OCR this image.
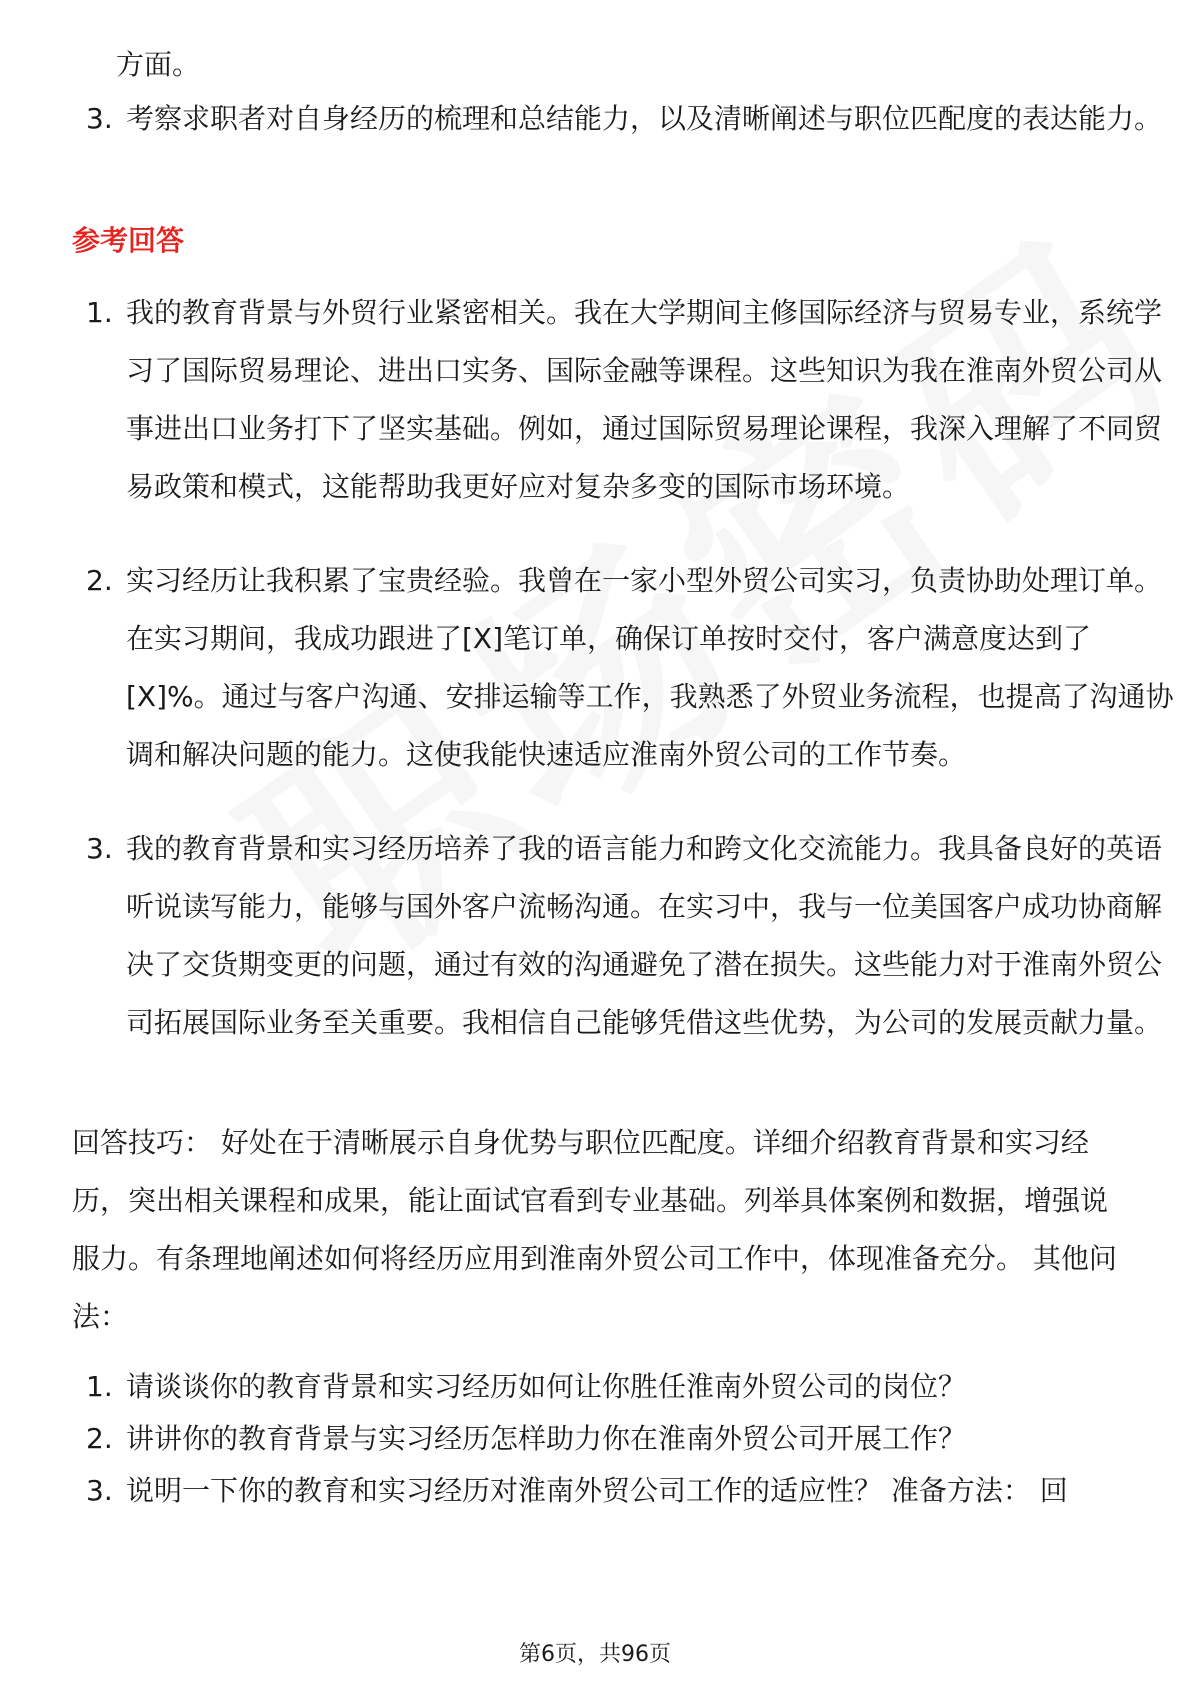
方面。

3. 考察求职者对自身经历的梳理和总结能力，以及清晰阐述与职位匹配度的表达能力。
参考回答
1. 我的教育背景与外贸行业紧密相关。我在大学期间主修国际经济与贸易专业，系统学习了国际贸易理论、进出口实务、国际金融等课程。这些知识为我在淮南外贸公司从事进出口业务打下了坚实基础。例如，通过国际贸易理论课程，我深入理解了不同贸易政策和模式，这能帮助我更好应对复杂多变的国际市场环境。
2. 实习经历让我积累了宝贵经验。我曾在一家小型外贸公司实习，负责协助处理订单。在实习期间，我成功跟进了[X]笔订单，确保订单按时交付，客户满意度达到了[X]%。通过与客户沟通、安排运输等工作，我熟悉了外贸业务流程，也提高了沟通协调和解决问题的能力。这使我能快速适应淮南外贸公司的工作节奏。
3. 我的教育背景和实习经历培养了我的语言能力和跨文化交流能力。我具备良好的英语听说读写能力，能够与国外客户流畅沟通。在实习中，我与一位美国客户成功协商解决了交货期变更的问题，通过有效的沟通避免了潜在损失。这些能力对于淮南外贸公司拓展国际业务至关重要。我相信自己能够凭借这些优势，为公司的发展贡献力量。

回答技巧： 好处在于清晰展示自身优势与职位匹配度。详细介绍教育背景和实习经历，突出相关课程和成果，能让面试官看到专业基础。列举具体案例和数据，增强说服力。有条理地阐述如何将经历应用到淮南外贸公司工作中，体现准备充分。 其他问法：

1. 请谈谈你的教育背景和实习经历如何让你胜任淮南外贸公司的岗位？
2. 讲讲你的教育背景与实习经历怎样助力你在淮南外贸公司开展工作？
3. 说明一下你的教育和实习经历对淮南外贸公司工作的适应性？ 准备方法： 回
第6页，共96页
